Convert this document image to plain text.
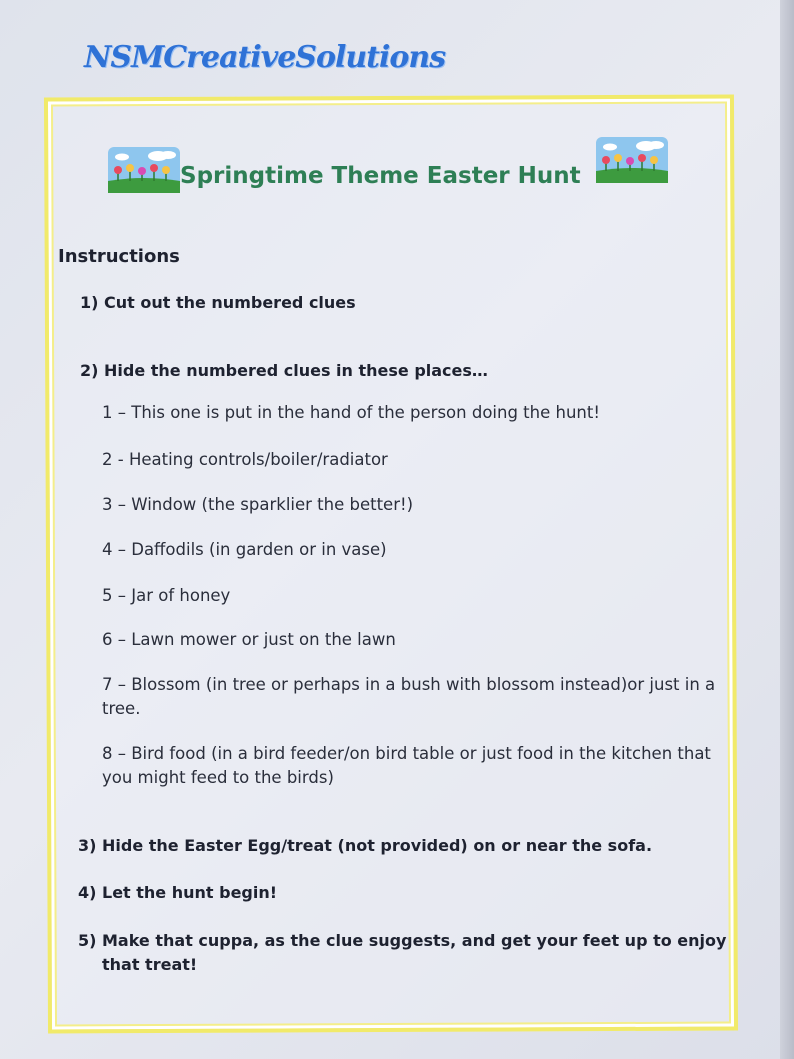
NSMCreativeSolutions
Springtime Theme Easter Hunt
Instructions
1) Cut out the numbered clues
2) Hide the numbered clues in these places…
1 – This one is put in the hand of the person doing the hunt!
2 - Heating controls/boiler/radiator
3 – Window (the sparklier the better!)
4 – Daffodils (in garden or in vase)
5 – Jar of honey
6 – Lawn mower or just on the lawn
7 – Blossom (in tree or perhaps in a bush with blossom instead)or just in a tree.
8 – Bird food (in a bird feeder/on bird table or just food in the kitchen that you might feed to the birds)
3) Hide the Easter Egg/treat (not provided) on or near the sofa.
4) Let the hunt begin!
5) Make that cuppa, as the clue suggests, and get your feet up to enjoy that treat!
